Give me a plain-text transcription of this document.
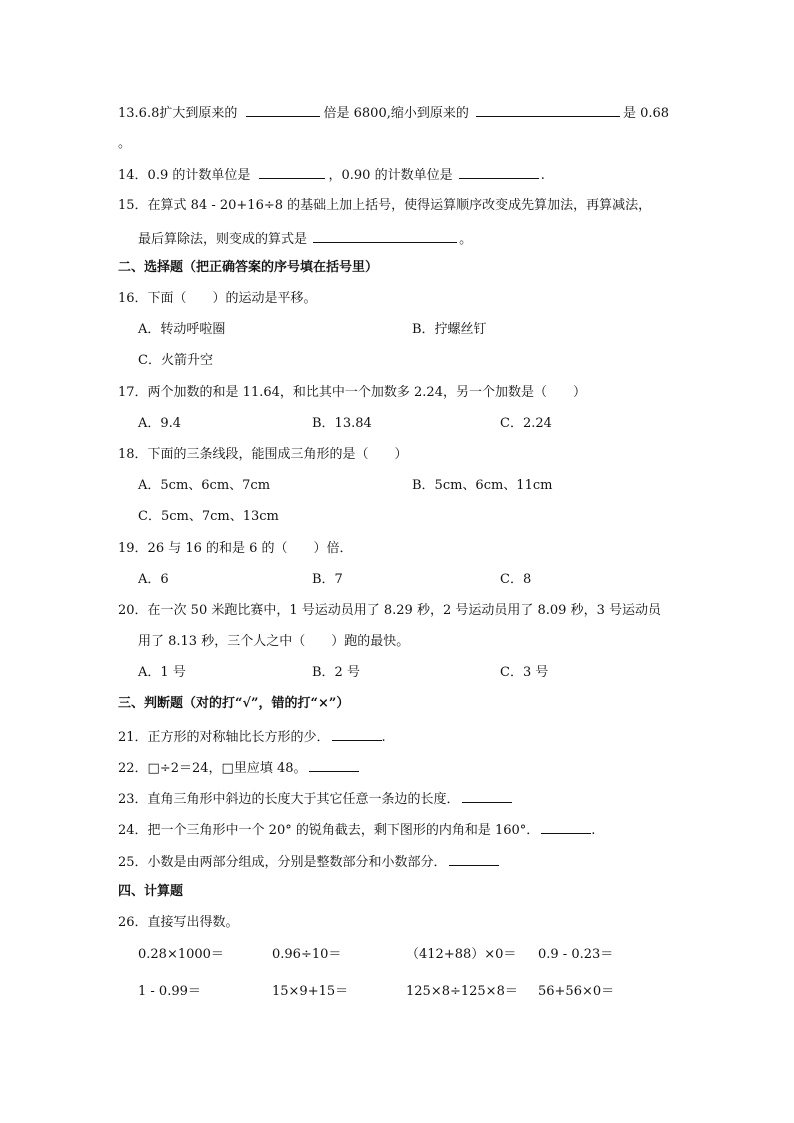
13.6.8扩大到原来的	倍是 6800,缩小到原来的	是 0.68
。
14．0.9 的计数单位是	，0.90 的计数单位是	.
15．在算式 84 - 20+16÷8 的基础上加上括号，使得运算顺序改变成先算加法，再算减法，
最后算除法，则变成的算式是	。
二、选择题（把正确答案的序号填在括号里）
16．下面（　　）的运动是平移。
A．转动呼啦圈	B．拧螺丝钉
C．火箭升空
17．两个加数的和是 11.64，和比其中一个加数多 2.24，另一个加数是（　　）
A．9.4	B．13.84	C．2.24
18．下面的三条线段，能围成三角形的是（　　）
A．5cm、6cm、7cm	B．5cm、6cm、11cm
C．5cm、7cm、13cm
19．26 与 16 的和是 6 的（　　）倍．
A．6	B．7	C．8
20．在一次 50 米跑比赛中，1 号运动员用了 8.29 秒，2 号运动员用了 8.09 秒，3 号运动员
用了 8.13 秒，三个人之中（　　）跑的最快。
A．1 号	B．2 号	C．3 号
三、判断题（对的打“√”，错的打“×”）
21．正方形的对称轴比长方形的少．	.
22．□÷2＝24，□里应填 48。
23．直角三角形中斜边的长度大于其它任意一条边的长度．
24．把一个三角形中一个 20° 的锐角截去，剩下图形的内角和是 160°．	.
25．小数是由两部分组成，分别是整数部分和小数部分．
四、计算题
26．直接写出得数。
0.28×1000＝	0.96÷10＝	（412+88）×0＝ 0.9 - 0.23＝
1 - 0.99＝	15×9+15＝	125×8÷125×8＝ 56+56×0＝
